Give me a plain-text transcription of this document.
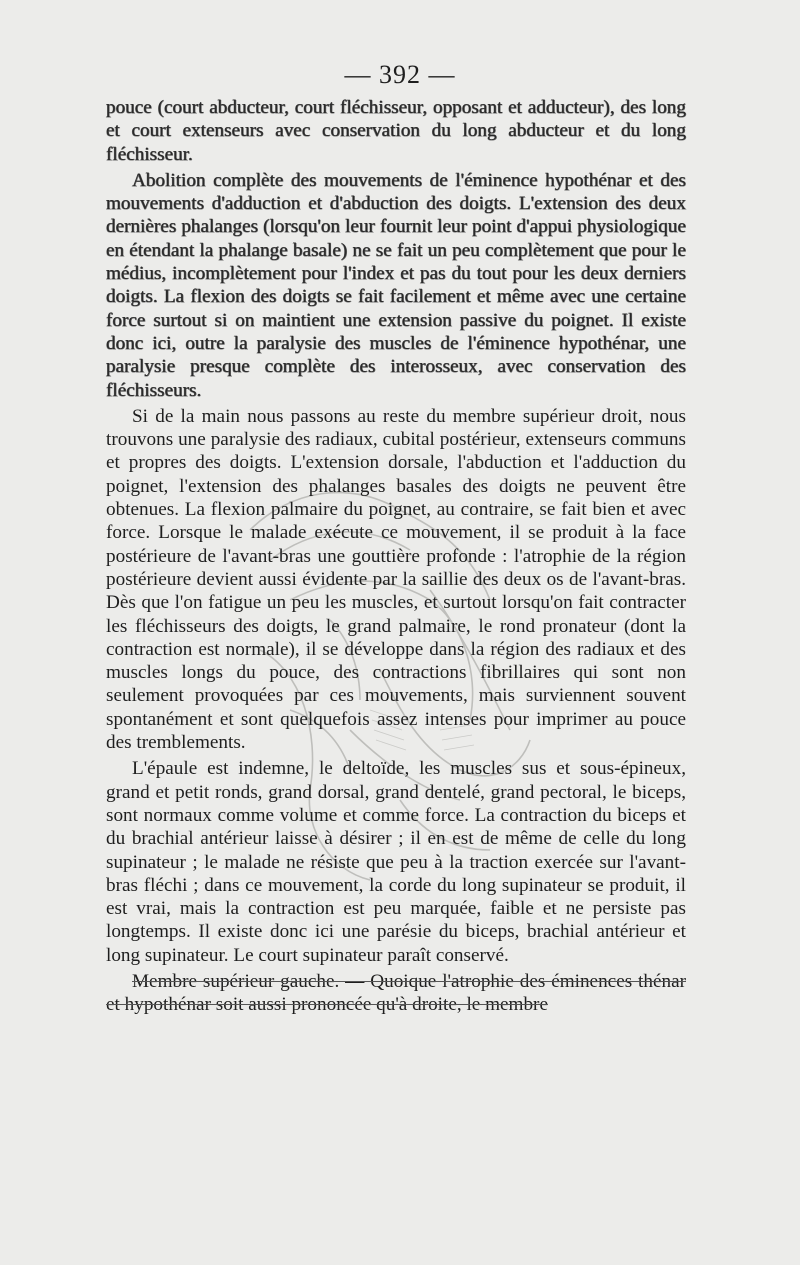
— 392 —

pouce (court abducteur, court fléchisseur, opposant et adducteur), des long et court extenseurs avec conservation du long abducteur et du long fléchisseur.

Abolition complète des mouvements de l'éminence hypothénar et des mouvements d'adduction et d'abduction des doigts. L'extension des deux dernières phalanges (lorsqu'on leur fournit leur point d'appui physiologique en étendant la phalange basale) ne se fait un peu complètement que pour le médius, incomplètement pour l'index et pas du tout pour les deux derniers doigts. La flexion des doigts se fait facilement et même avec une certaine force surtout si on maintient une extension passive du poignet. Il existe donc ici, outre la paralysie des muscles de l'éminence hypothénar, une paralysie presque complète des interosseux, avec conservation des fléchisseurs.

Si de la main nous passons au reste du membre supérieur droit, nous trouvons une paralysie des radiaux, cubital postérieur, extenseurs communs et propres des doigts. L'extension dorsale, l'abduction et l'adduction du poignet, l'extension des phalanges basales des doigts ne peuvent être obtenues. La flexion palmaire du poignet, au contraire, se fait bien et avec force. Lorsque le malade exécute ce mouvement, il se produit à la face postérieure de l'avant-bras une gouttière profonde : l'atrophie de la région postérieure devient aussi évidente par la saillie des deux os de l'avant-bras. Dès que l'on fatigue un peu les muscles, et surtout lorsqu'on fait contracter les fléchisseurs des doigts, le grand palmaire, le rond pronateur (dont la contraction est normale), il se développe dans la région des radiaux et des muscles longs du pouce, des contractions fibrillaires qui sont non seulement provoquées par ces mouvements, mais surviennent souvent spontanément et sont quelquefois assez intenses pour imprimer au pouce des tremblements.

L'épaule est indemne, le deltoïde, les muscles sus et sous-épineux, grand et petit ronds, grand dorsal, grand dentelé, grand pectoral, le biceps, sont normaux comme volume et comme force. La contraction du biceps et du brachial antérieur laisse à désirer ; il en est de même de celle du long supinateur ; le malade ne résiste que peu à la traction exercée sur l'avant-bras fléchi ; dans ce mouvement, la corde du long supinateur se produit, il est vrai, mais la contraction est peu marquée, faible et ne persiste pas longtemps. Il existe donc ici une parésie du biceps, brachial antérieur et long supinateur. Le court supinateur paraît conservé.

Membre supérieur gauche. — Quoique l'atrophie des éminences thénar et hypothénar soit aussi prononcée qu'à droite, le membre
